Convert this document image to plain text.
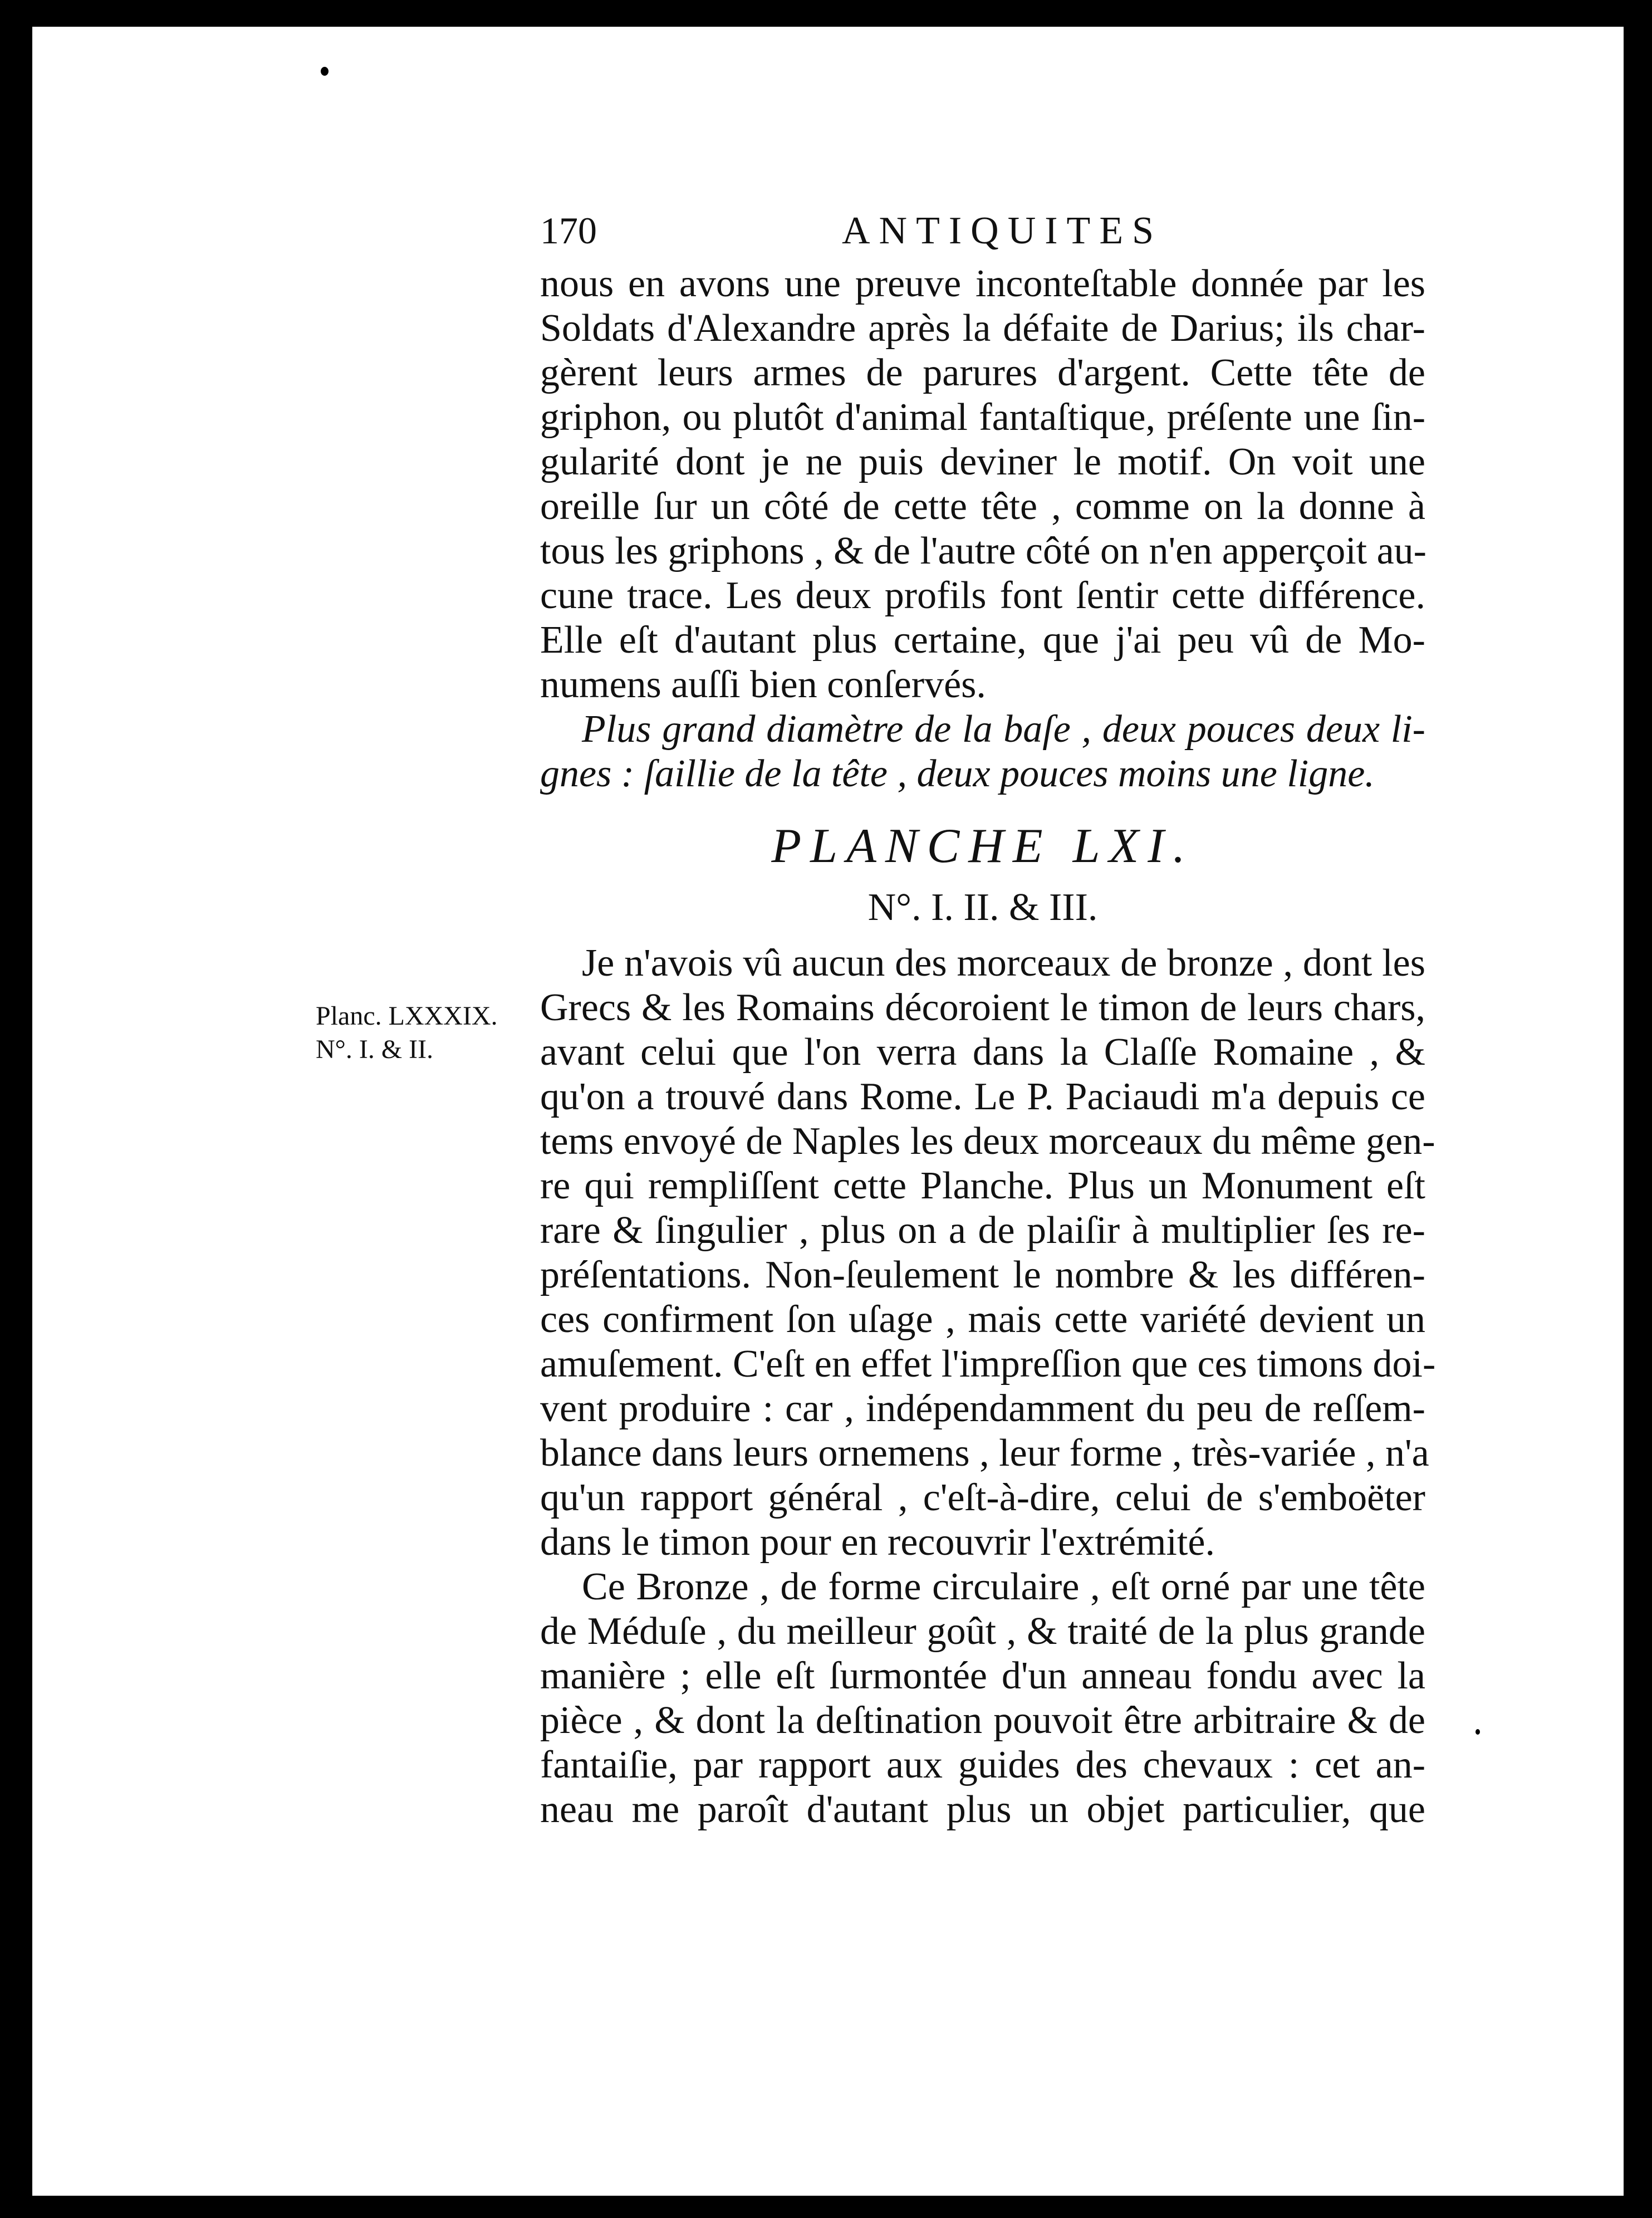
Planc. LXXXIX.
N°. I. & II.
170	ANTIQUITES
nous en avons une preuve inconteſtable donnée par les
Soldats d'Alexandre après la défaite de Darius; ils char-
gèrent leurs armes de parures d'argent. Cette tête de
griphon, ou plutôt d'animal fantaſtique, préſente une ſin-
gularité dont je ne puis deviner le motif. On voit une
oreille ſur un côté de cette tête , comme on la donne à
tous les griphons , & de l'autre côté on n'en apperçoit au-
cune trace. Les deux profils font ſentir cette différence.
Elle eſt d'autant plus certaine, que j'ai peu vû de Mo-
numens auſſi bien conſervés.
Plus grand diamètre de la baſe , deux pouces deux li-
gnes : ſaillie de la tête , deux pouces moins une ligne.
PLANCHE LXI.
N°. I. II. & III.
Je n'avois vû aucun des morceaux de bronze , dont les
Grecs & les Romains décoroient le timon de leurs chars,
avant celui que l'on verra dans la Claſſe Romaine , &
qu'on a trouvé dans Rome. Le P. Paciaudi m'a depuis ce
tems envoyé de Naples les deux morceaux du même gen-
re qui rempliſſent cette Planche. Plus un Monument eſt
rare & ſingulier , plus on a de plaiſir à multiplier ſes re-
préſentations. Non-ſeulement le nombre & les différen-
ces confirment ſon uſage , mais cette variété devient un
amuſement. C'eſt en effet l'impreſſion que ces timons doi-
vent produire : car , indépendamment du peu de reſſem-
blance dans leurs ornemens , leur forme , très-variée , n'a
qu'un rapport général , c'eſt-à-dire, celui de s'emboëter
dans le timon pour en recouvrir l'extrémité.
Ce Bronze , de forme circulaire , eſt orné par une tête
de Méduſe , du meilleur goût , & traité de la plus grande
manière ; elle eſt ſurmontée d'un anneau fondu avec la
pièce , & dont la deſtination pouvoit être arbitraire & de
fantaiſie, par rapport aux guides des chevaux : cet an-
neau me paroît d'autant plus un objet particulier, que
